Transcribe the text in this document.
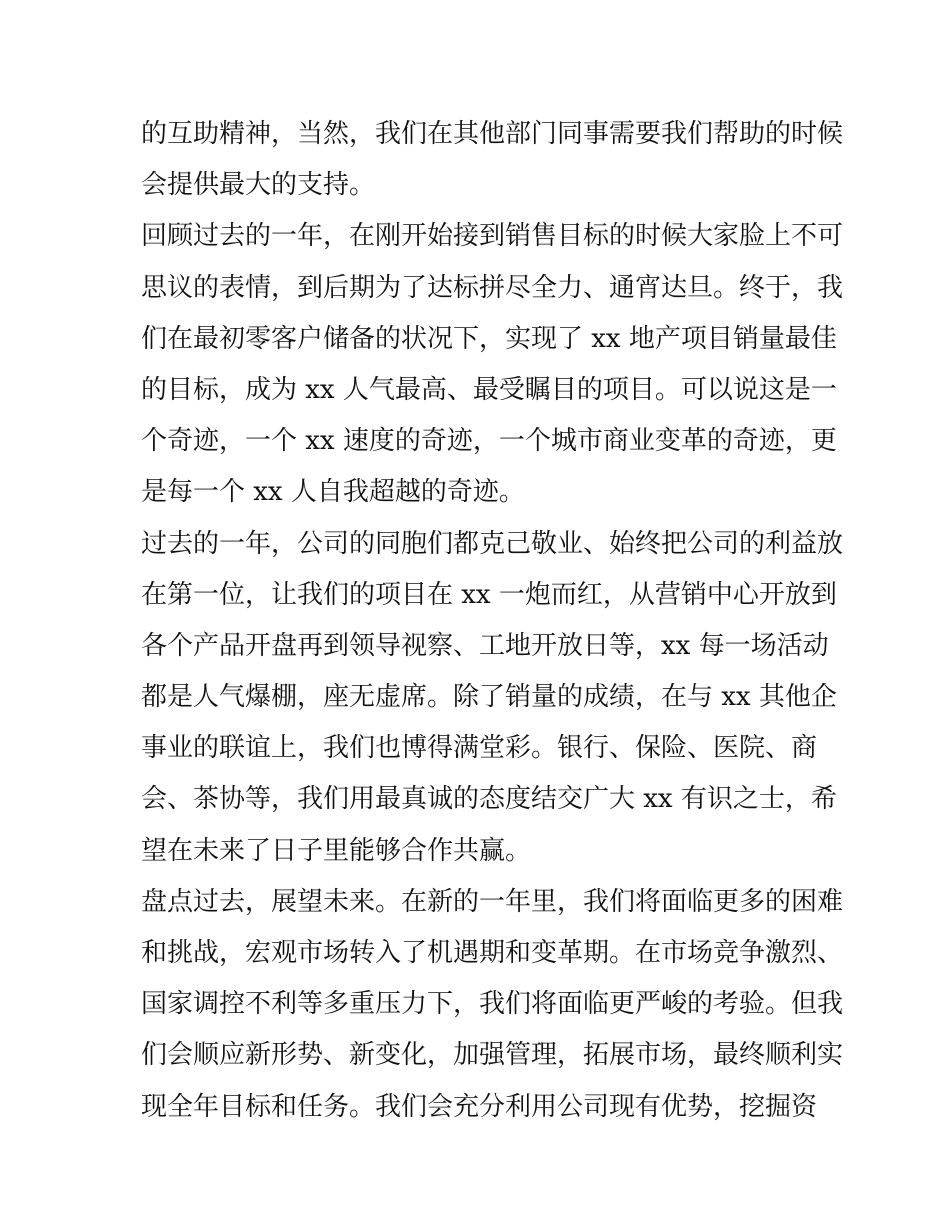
的互助精神，当然，我们在其他部门同事需要我们帮助的时候
会提供最大的支持。
回顾过去的一年，在刚开始接到销售目标的时候大家脸上不可
思议的表情，到后期为了达标拼尽全力、通宵达旦。终于，我
们在最初零客户储备的状况下，实现了 xx 地产项目销量最佳
的目标，成为 xx 人气最高、最受瞩目的项目。可以说这是一
个奇迹，一个 xx 速度的奇迹，一个城市商业变革的奇迹，更
是每一个 xx 人自我超越的奇迹。
过去的一年，公司的同胞们都克己敬业、始终把公司的利益放
在第一位，让我们的项目在 xx 一炮而红，从营销中心开放到
各个产品开盘再到领导视察、工地开放日等，xx 每一场活动
都是人气爆棚，座无虚席。除了销量的成绩，在与 xx 其他企
事业的联谊上，我们也博得满堂彩。银行、保险、医院、商
会、茶协等，我们用最真诚的态度结交广大 xx 有识之士，希
望在未来了日子里能够合作共赢。
盘点过去，展望未来。在新的一年里，我们将面临更多的困难
和挑战，宏观市场转入了机遇期和变革期。在市场竞争激烈、
国家调控不利等多重压力下，我们将面临更严峻的考验。但我
们会顺应新形势、新变化，加强管理，拓展市场，最终顺利实
现全年目标和任务。我们会充分利用公司现有优势，挖掘资
